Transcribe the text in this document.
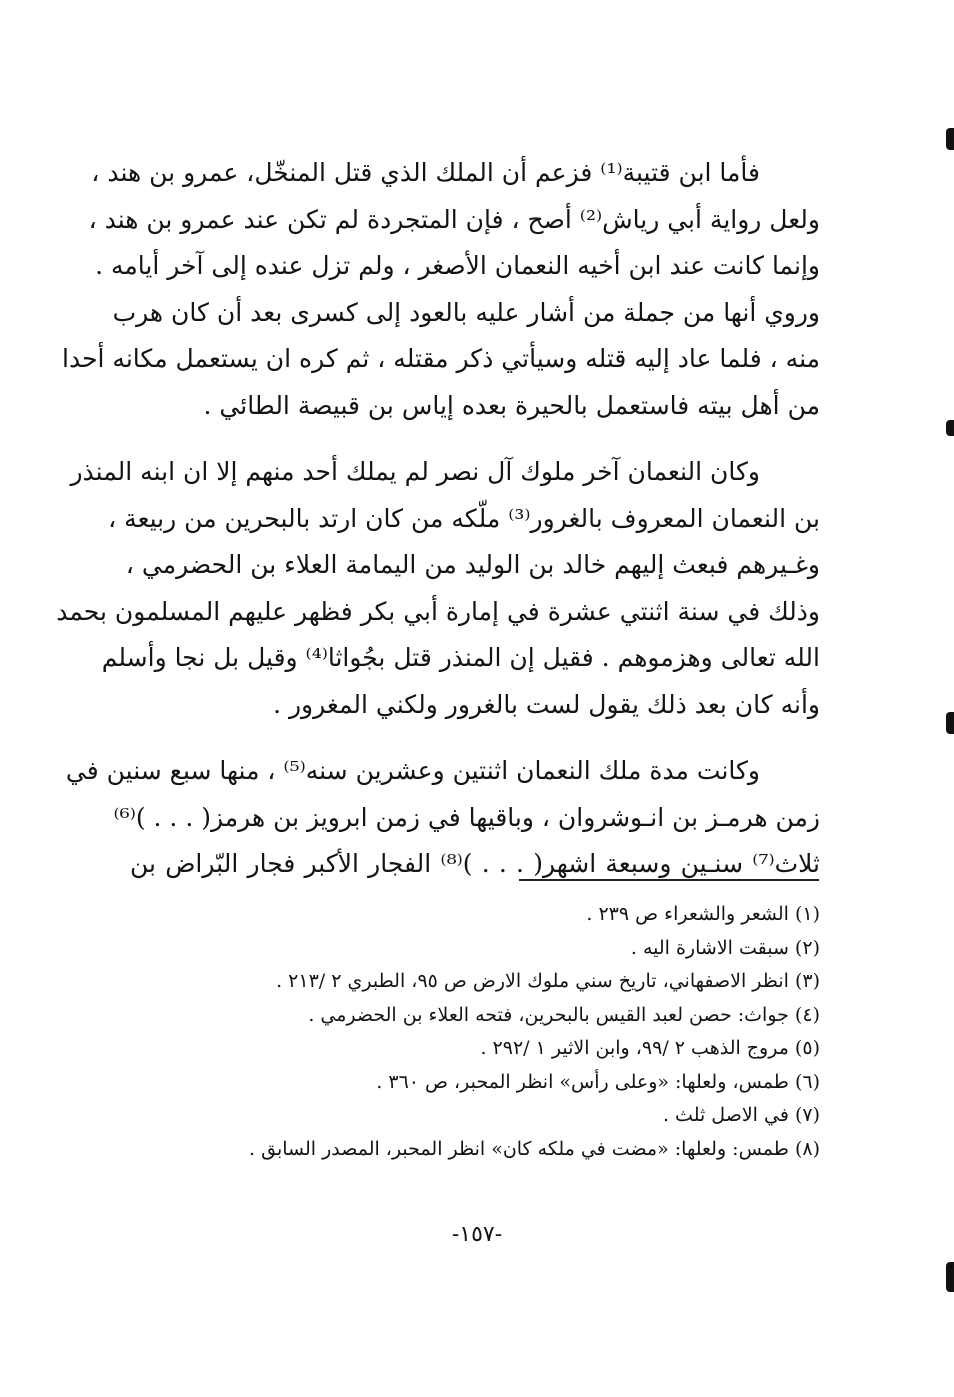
فأما ابن قتيبة⁽¹⁾ فزعم أن الملك الذي قتل المنخّل، عمرو بن هند ،
ولعل رواية أبي رياش⁽²⁾ أصح ، فإن المتجردة لم تكن عند عمرو بن هند ،
وإنما كانت عند ابن أخيه النعمان الأصغر ، ولم تزل عنده إلى آخر أيامه .
وروي أنها من جملة من أشار عليه بالعود إلى كسرى بعد أن كان هرب
منه ، فلما عاد إليه قتله وسيأتي ذكر مقتله ، ثم كره ان يستعمل مكانه أحدا
من أهل بيته فاستعمل بالحيرة بعده إياس بن قبيصة الطائي .
وكان النعمان آخر ملوك آل نصر لم يملك أحد منهم إلا ان ابنه المنذر
بن النعمان المعروف بالغرور⁽³⁾ ملّكه من كان ارتد بالبحرين من ربيعة ،
وغـيرهم فبعث إليهم خالد بن الوليد من اليمامة العلاء بن الحضرمي ،
وذلك في سنة اثنتي عشرة في إمارة أبي بكر فظهر عليهم المسلمون بحمد
الله تعالى وهزموهم . فقيل إن المنذر قتل بجُواثا⁽⁴⁾ وقيل بل نجا وأسلم
وأنه كان بعد ذلك يقول لست بالغرور ولكني المغرور .
وكانت مدة ملك النعمان اثنتين وعشرين سنه⁽⁵⁾ ، منها سبع سنين في
زمن هرمـز بن انـوشروان ، وباقيها في زمن ابرويز بن هرمز( . . . )⁽⁶⁾
ثلاث⁽⁷⁾ سنـين وسبعة اشهر( . . . )⁽⁸⁾ الفجار الأكبر فجار البّراض بن
(١) الشعر والشعراء ص ٢٣٩ .
(٢) سبقت الاشارة اليه .
(٣) انظر الاصفهاني، تاريخ سني ملوك الارض ص ٩٥، الطبري ٢ /٢١٣ .
(٤) جواث: حصن لعبد القيس بالبحرين، فتحه العلاء بن الحضرمي .
(٥) مروج الذهب ٢ /٩٩، وابن الاثير ١ /٢٩٢ .
(٦) طمس، ولعلها: «وعلى رأس» انظر المحبر، ص ٣٦٠ .
(٧) في الاصل ثلث .
(٨) طمس: ولعلها: «مضت في ملكه كان» انظر المحبر، المصدر السابق .
-١٥٧-
